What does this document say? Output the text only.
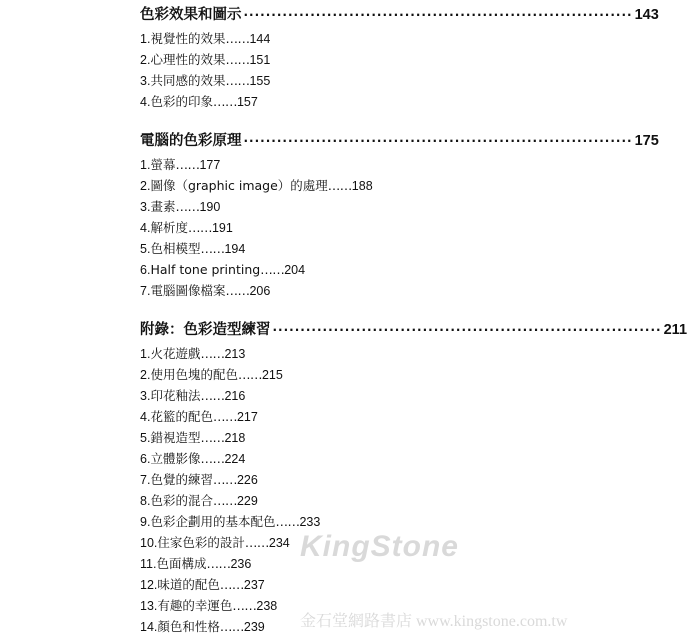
色彩效果和圖示 ······································································ 143
1.視覺性的效果……144
2.心理性的效果……151
3.共同感的效果……155
4.色彩的印象……157
電腦的色彩原理 ······································································ 175
1.螢幕……177
2.圖像（graphic image）的處理……188
3.畫素……190
4.解析度……191
5.色相模型……194
6.Half tone printing……204
7.電腦圖像檔案……206
附錄：色彩造型練習 ······································································ 211
1.火花遊戲……213
2.使用色塊的配色……215
3.印花釉法……216
4.花籃的配色……217
5.錯視造型……218
6.立體影像……224
7.色覺的練習……226
8.色彩的混合……229
9.色彩企劃用的基本配色……233
10.住家色彩的設計……234
11.色面構成……236
12.味道的配色……237
13.有趣的幸運色……238
14.顏色和性格……239
KingStone
金石堂網路書店 www.kingstone.com.tw
